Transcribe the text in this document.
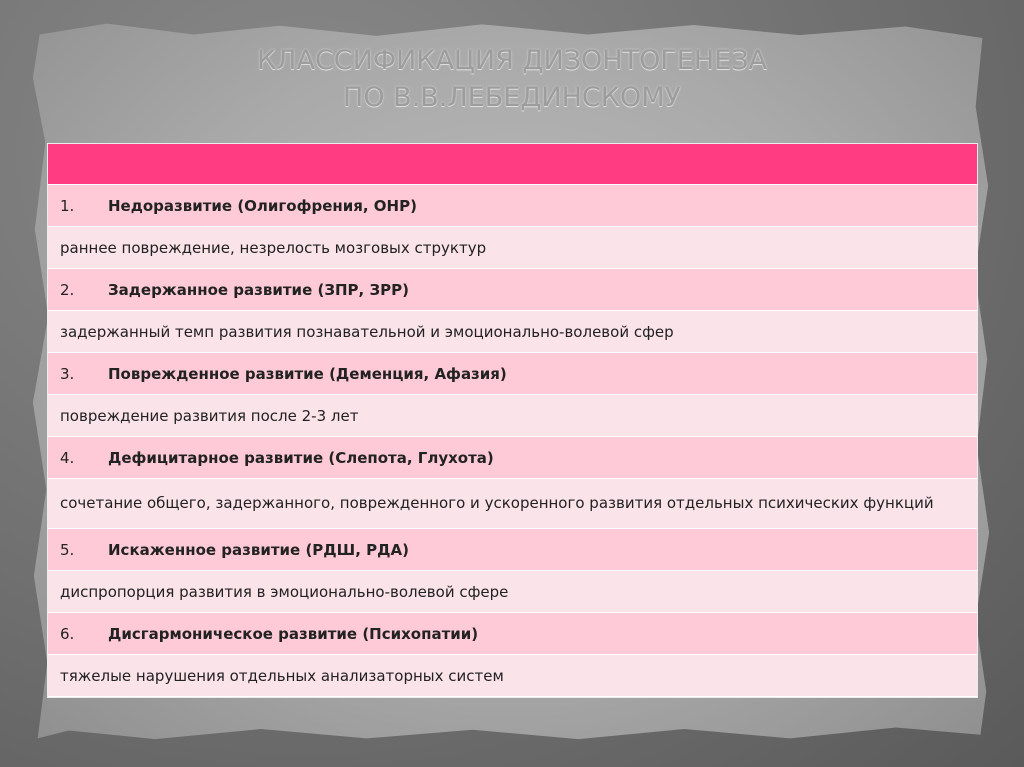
КЛАССИФИКАЦИЯ ДИЗОНТОГЕНЕЗА
ПО В.В.ЛЕБЕДИНСКОМУ
1.	Недоразвитие (Олигофрения, ОНР)
раннее повреждение, незрелость мозговых структур
2.	Задержанное развитие (ЗПР, ЗРР)
задержанный темп развития познавательной и эмоционально-волевой сфер
3.	Поврежденное развитие (Деменция, Афазия)
повреждение развития после 2-3 лет
4.	Дефицитарное развитие (Слепота, Глухота)
сочетание общего, задержанного, поврежденного и ускоренного развития отдельных психических функций
5.	Искаженное развитие (РДШ, РДА)
диспропорция развития в эмоционально-волевой сфере
6.	Дисгармоническое развитие (Психопатии)
тяжелые нарушения отдельных анализаторных систем
